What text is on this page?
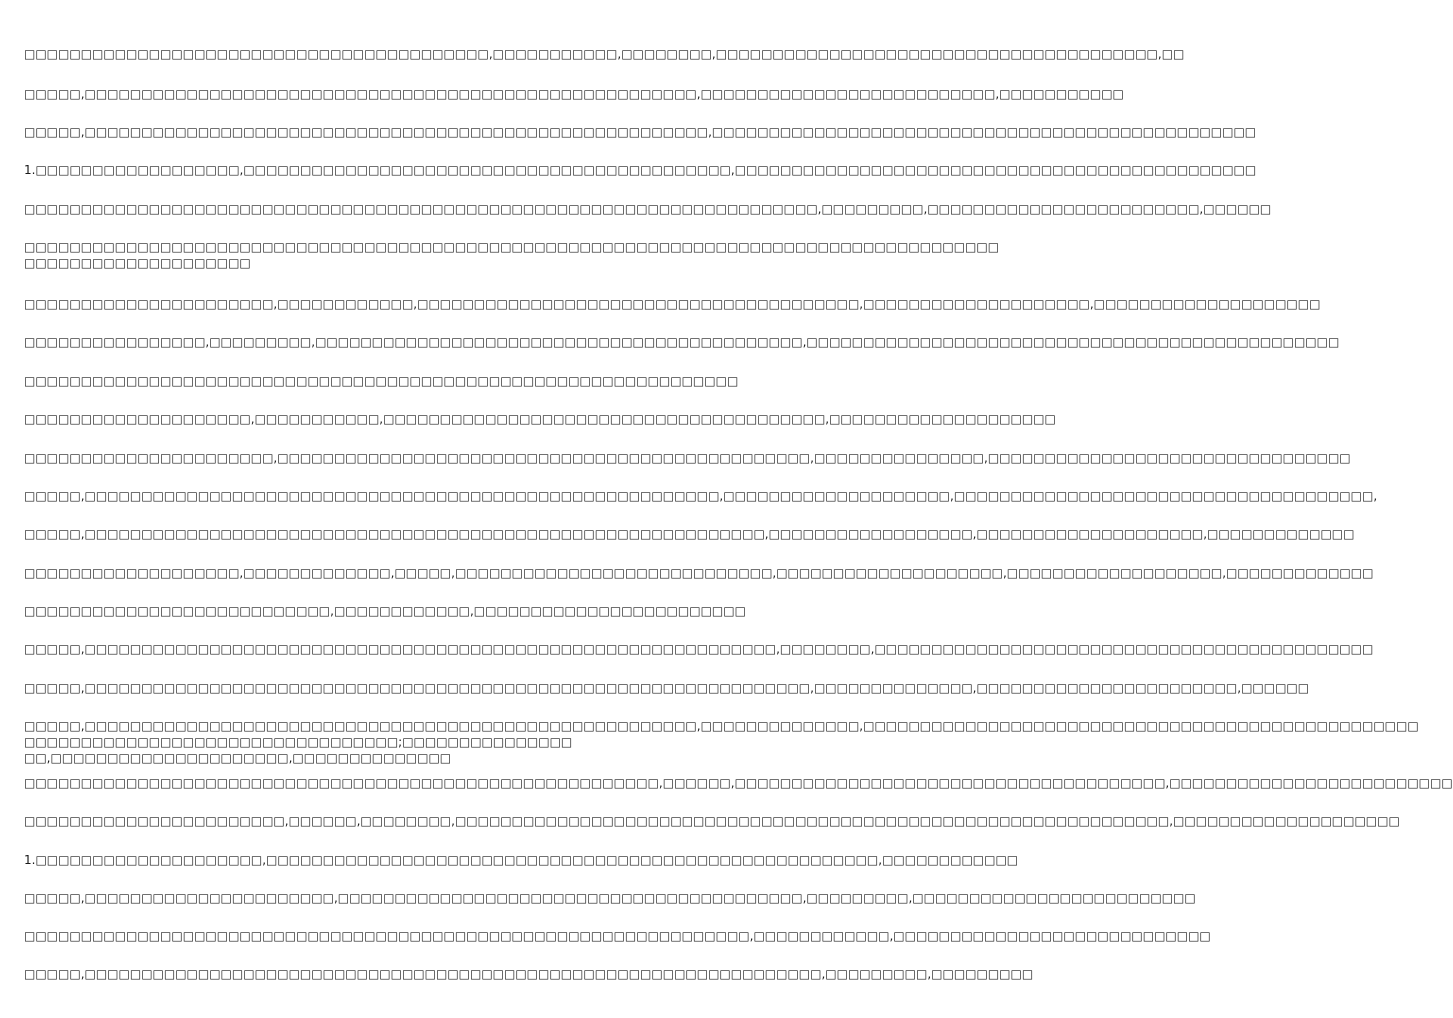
□□□□□□□□□□□□□□□□□□□□□□□□□□□□□□□□□□□□□□□□□,□□□□□□□□□□□,□□□□□□□□,□□□□□□□□□□□□□□□□□□□□□□□□□□□□□□□□□□□□□□□,□□
□□□□□,□□□□□□□□□□□□□□□□□□□□□□□□□□□□□□□□□□□□□□□□□□□□□□□□□□□□□□,□□□□□□□□□□□□□□□□□□□□□□□□□□,□□□□□□□□□□□
□□□□□,□□□□□□□□□□□□□□□□□□□□□□□□□□□□□□□□□□□□□□□□□□□□□□□□□□□□□□□,□□□□□□□□□□□□□□□□□□□□□□□□□□□□□□□□□□□□□□□□□□□□□□□□
1.□□□□□□□□□□□□□□□□□□,□□□□□□□□□□□□□□□□□□□□□□□□□□□□□□□□□□□□□□□□□□□,□□□□□□□□□□□□□□□□□□□□□□□□□□□□□□□□□□□□□□□□□□□□□□
□□□□□□□□□□□□□□□□□□□□□□□□□□□□□□□□□□□□□□□□□□□□□□□□□□□□□□□□□□□□□□□□□□□□□□,□□□□□□□□□,□□□□□□□□□□□□□□□□□□□□□□□□,□□□□□□
□□□□□□□□□□□□□□□□□□□□□□□□□□□□□□□□□□□□□□□□□□□□□□□□□□□□□□□□□□□□□□□□□□□□□□□□□□□□□□□□□□□□□□ □□□□□□□□□□□□□□□□□□□□
□□□□□□□□□□□□□□□□□□□□□□,□□□□□□□□□□□□,□□□□□□□□□□□□□□□□□□□□□□□□□□□□□□□□□□□□□□□,□□□□□□□□□□□□□□□□□□□□,□□□□□□□□□□□□□□□□□□□□
□□□□□□□□□□□□□□□□,□□□□□□□□□,□□□□□□□□□□□□□□□□□□□□□□□□□□□□□□□□□□□□□□□□□□□,□□□□□□□□□□□□□□□□□□□□□□□□□□□□□□□□□□□□□□□□□□□□□□□
□□□□□□□□□□□□□□□□□□□□□□□□□□□□□□□□□□□□□□□□□□□□□□□□□□□□□□□□□□□□□□□
□□□□□□□□□□□□□□□□□□□□,□□□□□□□□□□□,□□□□□□□□□□□□□□□□□□□□□□□□□□□□□□□□□□□□□□□,□□□□□□□□□□□□□□□□□□□□
□□□□□□□□□□□□□□□□□□□□□□,□□□□□□□□□□□□□□□□□□□□□□□□□□□□□□□□□□□□□□□□□□□□□□□,□□□□□□□□□□□□□□□,□□□□□□□□□□□□□□□□□□□□□□□□□□□□□□□□
□□□□□,□□□□□□□□□□□□□□□□□□□□□□□□□□□□□□□□□□□□□□□□□□□□□□□□□□□□□□□□,□□□□□□□□□□□□□□□□□□□□,□□□□□□□□□□□□□□□□□□□□□□□□□□□□□□□□□□□□□,
□□□□□,□□□□□□□□□□□□□□□□□□□□□□□□□□□□□□□□□□□□□□□□□□□□□□□□□□□□□□□□□□□□,□□□□□□□□□□□□□□□□□□,□□□□□□□□□□□□□□□□□□□□,□□□□□□□□□□□□□
□□□□□□□□□□□□□□□□□□□,□□□□□□□□□□□□□,□□□□□,□□□□□□□□□□□□□□□□□□□□□□□□□□□□,□□□□□□□□□□□□□□□□□□□□,□□□□□□□□□□□□□□□□□□□,□□□□□□□□□□□□□
□□□□□□□□□□□□□□□□□□□□□□□□□□□,□□□□□□□□□□□□,□□□□□□□□□□□□□□□□□□□□□□□□
□□□□□,□□□□□□□□□□□□□□□□□□□□□□□□□□□□□□□□□□□□□□□□□□□□□□□□□□□□□□□□□□□□□,□□□□□□□□,□□□□□□□□□□□□□□□□□□□□□□□□□□□□□□□□□□□□□□□□□□□□
□□□□□,□□□□□□□□□□□□□□□□□□□□□□□□□□□□□□□□□□□□□□□□□□□□□□□□□□□□□□□□□□□□□□□□,□□□□□□□□□□□□□□,□□□□□□□□□□□□□□□□□□□□□□□,□□□□□□
□□□□□,□□□□□□□□□□□□□□□□□□□□□□□□□□□□□□□□□□□□□□□□□□□□□□□□□□□□□□,□□□□□□□□□□□□□□,□□□□□□□□□□□□□□□□□□□□□□□□□□□□□□□□□□□□□□□□□□□□□□□□□ □□□□□□□□□□□□□□□□□□□□□□□□□□□□□□□□□;□□□□□□□□□□□□□□□ □□,□□□□□□□□□□□□□□□□□□□□□,□□□□□□□□□□□□□□
□□□□□□□□□□□□□□□□□□□□□□□□□□□□□□□□□□□□□□□□□□□□□□□□□□□□□□□□,□□□□□□,□□□□□□□□□□□□□□□□□□□□□□□□□□□□□□□□□□□□□□,□□□□□□□□□□□□□□□□□□□□□□□□□
□□□□□□□□□□□□□□□□□□□□□□□,□□□□□□,□□□□□□□□,□□□□□□□□□□□□□□□□□□□□□□□□□□□□□□□□□□□□□□□□□□□□□□□□□□□□□□□□□□□□□□□,□□□□□□□□□□□□□□□□□□□□
1.□□□□□□□□□□□□□□□□□□□□,□□□□□□□□□□□□□□□□□□□□□□□□□□□□□□□□□□□□□□□□□□□□□□□□□□□□□□,□□□□□□□□□□□□
□□□□□,□□□□□□□□□□□□□□□□□□□□□□,□□□□□□□□□□□□□□□□□□□□□□□□□□□□□□□□□□□□□□□□□,□□□□□□□□□,□□□□□□□□□□□□□□□□□□□□□□□□□
□□□□□□□□□□□□□□□□□□□□□□□□□□□□□□□□□□□□□□□□□□□□□□□□□□□□□□□□□□□□□□□□,□□□□□□□□□□□□,□□□□□□□□□□□□□□□□□□□□□□□□□□□□
□□□□□,□□□□□□□□□□□□□□□□□□□□□□□□□□□□□□□□□□□□□□□□□□□□□□□□□□□□□□□□□□□□□□□□□,□□□□□□□□□,□□□□□□□□□
